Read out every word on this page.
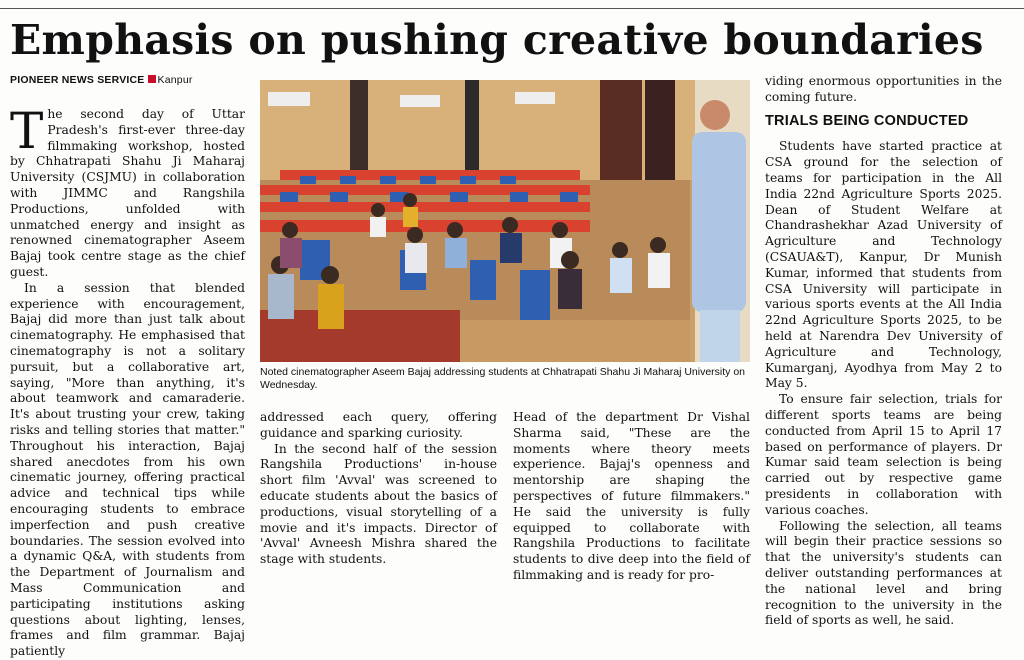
Emphasis on pushing creative boundaries
PIONEER NEWS SERVICE Kanpur

The second day of Uttar Pradesh's first-ever three-day filmmaking workshop, hosted by Chhatrapati Shahu Ji Maharaj University (CSJMU) in collaboration with JIMMC and Rangshila Productions, unfolded with unmatched energy and insight as renowned cinematographer Aseem Bajaj took centre stage as the chief guest.

In a session that blended experience with encouragement, Bajaj did more than just talk about cinematography. He emphasised that cinematography is not a solitary pursuit, but a collaborative art, saying, "More than anything, it's about teamwork and camaraderie. It's about trusting your crew, taking risks and telling stories that matter." Throughout his interaction, Bajaj shared anecdotes from his own cinematic journey, offering practical advice and technical tips while encouraging students to embrace imperfection and push creative boundaries. The session evolved into a dynamic Q&A, with students from the Department of Journalism and Mass Communication and participating institutions asking questions about lighting, lenses, frames and film grammar. Bajaj patiently

Noted cinematographer Aseem Bajaj addressing students at Chhatrapati Shahu Ji Maharaj University on Wednesday.

addressed each query, offering guidance and sparking curiosity.

In the second half of the session Rangshila Productions' in-house short film 'Avval' was screened to educate students about the basics of productions, visual storytelling of a movie and it's impacts. Director of 'Avval' Avneesh Mishra shared the stage with students.

Head of the department Dr Vishal Sharma said, "These are the moments where theory meets experience. Bajaj's openness and mentorship are shaping the perspectives of future filmmakers." He said the university is fully equipped to collaborate with Rangshila Productions to facilitate students to dive deep into the field of filmmaking and is ready for pro-

viding enormous opportunities in the coming future.

TRIALS BEING CONDUCTED

Students have started practice at CSA ground for the selection of teams for participation in the All India 22nd Agriculture Sports 2025. Dean of Student Welfare at Chandrashekhar Azad University of Agriculture and Technology (CSAUA&T), Kanpur, Dr Munish Kumar, informed that students from CSA University will participate in various sports events at the All India 22nd Agriculture Sports 2025, to be held at Narendra Dev University of Agriculture and Technology, Kumarganj, Ayodhya from May 2 to May 5.

To ensure fair selection, trials for different sports teams are being conducted from April 15 to April 17 based on performance of players. Dr Kumar said team selection is being carried out by respective game presidents in collaboration with various coaches.

Following the selection, all teams will begin their practice sessions so that the university's students can deliver outstanding performances at the national level and bring recognition to the university in the field of sports as well, he said.
